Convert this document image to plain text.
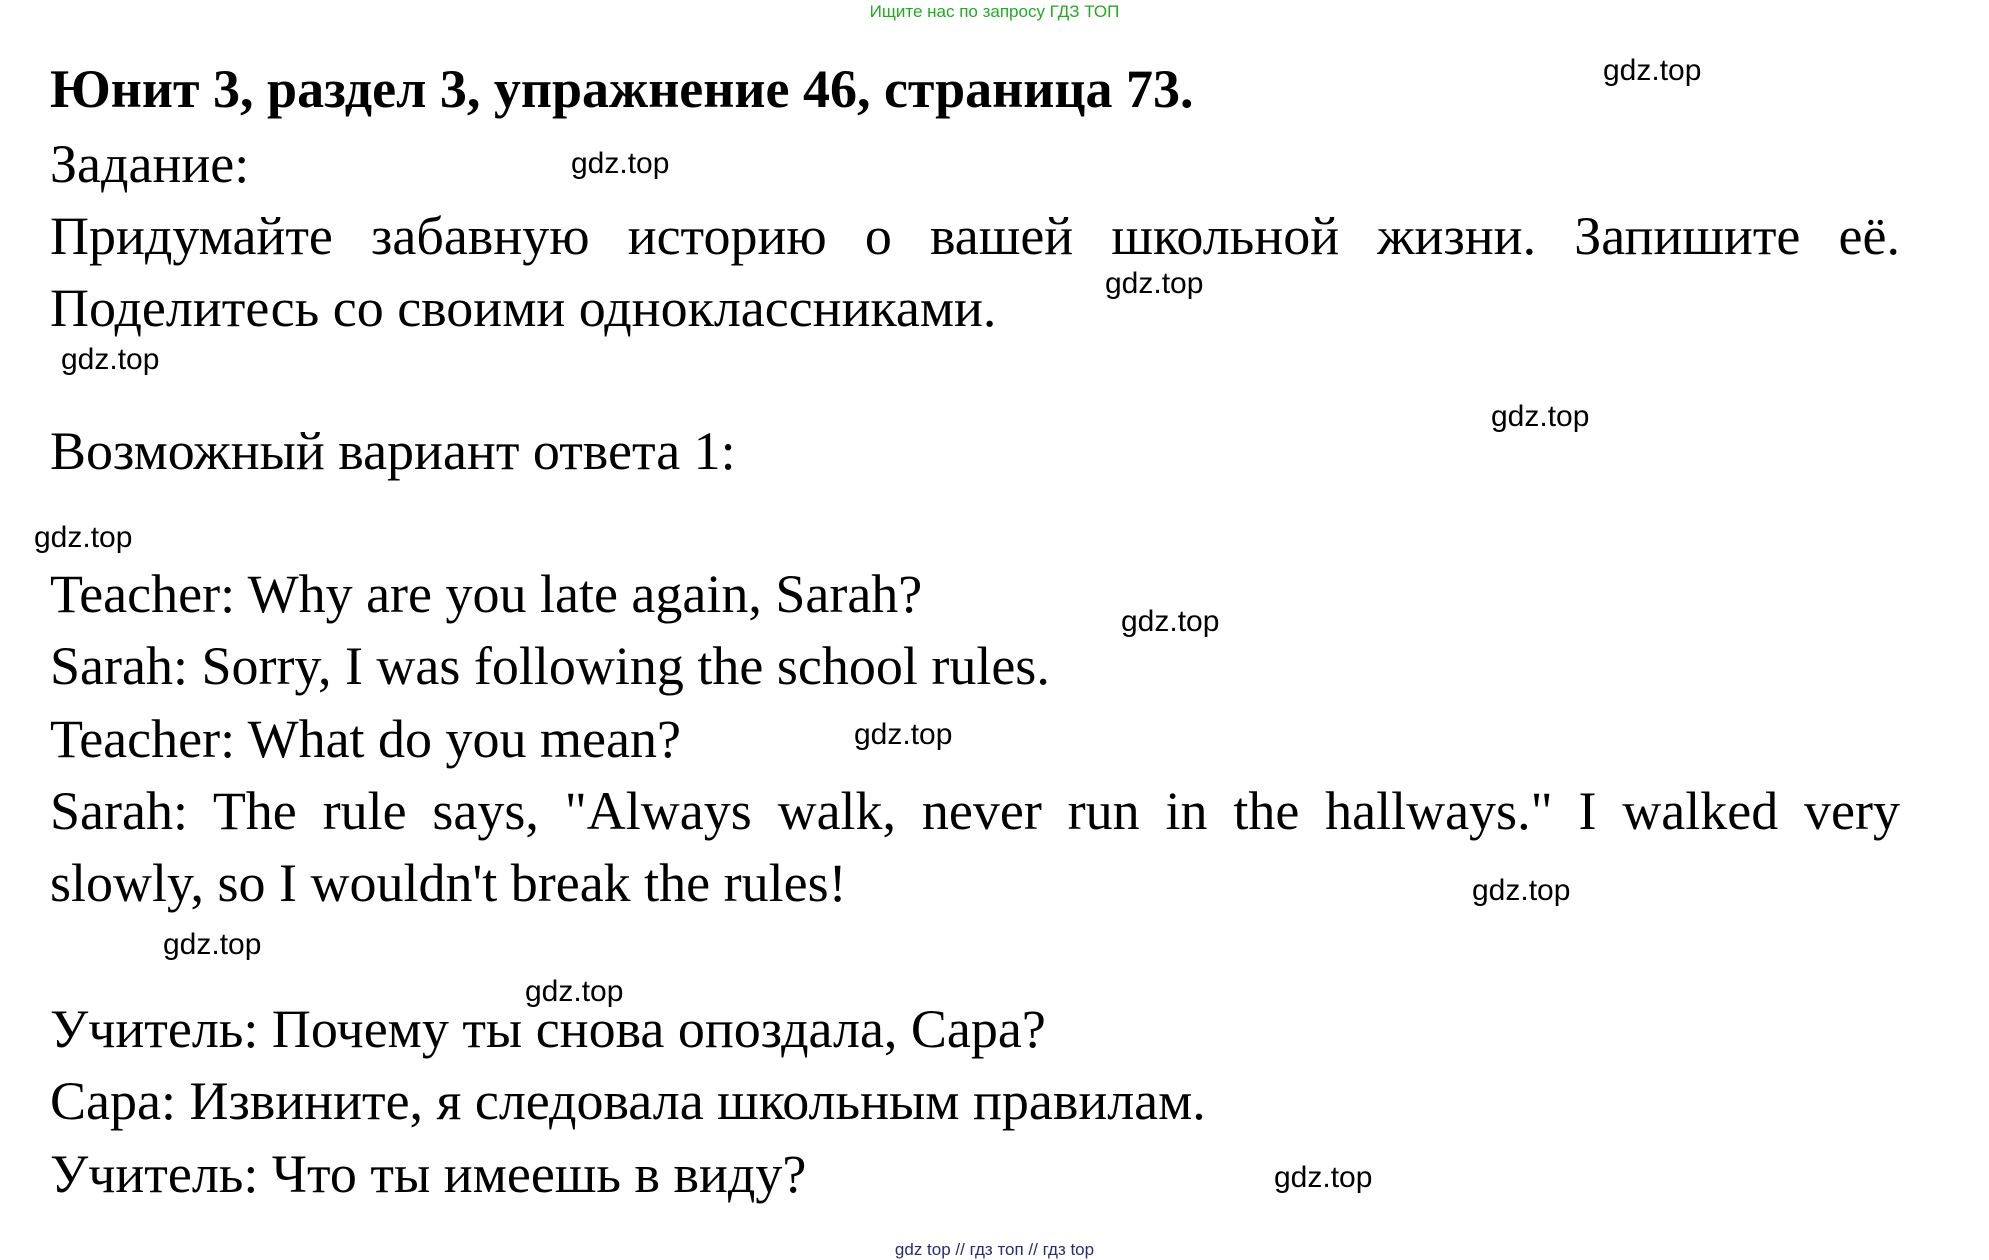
Ищите нас по запросу ГДЗ ТОП
Юнит 3, раздел 3, упражнение 46, страница 73.
Задание:
Придумайте забавную историю о вашей школьной жизни. Запишите её.
Поделитесь со своими одноклассниками.
Возможный вариант ответа 1:
Teacher: Why are you late again, Sarah?
Sarah: Sorry, I was following the school rules.
Teacher: What do you mean?
Sarah: The rule says, "Always walk, never run in the hallways." I walked very
slowly, so I wouldn't break the rules!
Учитель: Почему ты снова опоздала, Сара?
Сара: Извините, я следовала школьным правилам.
Учитель: Что ты имеешь в виду?
gdz.top
gdz.top
gdz.top
gdz.top
gdz.top
gdz.top
gdz.top
gdz.top
gdz.top
gdz.top
gdz.top
gdz.top
gdz top // гдз топ // гдз top
